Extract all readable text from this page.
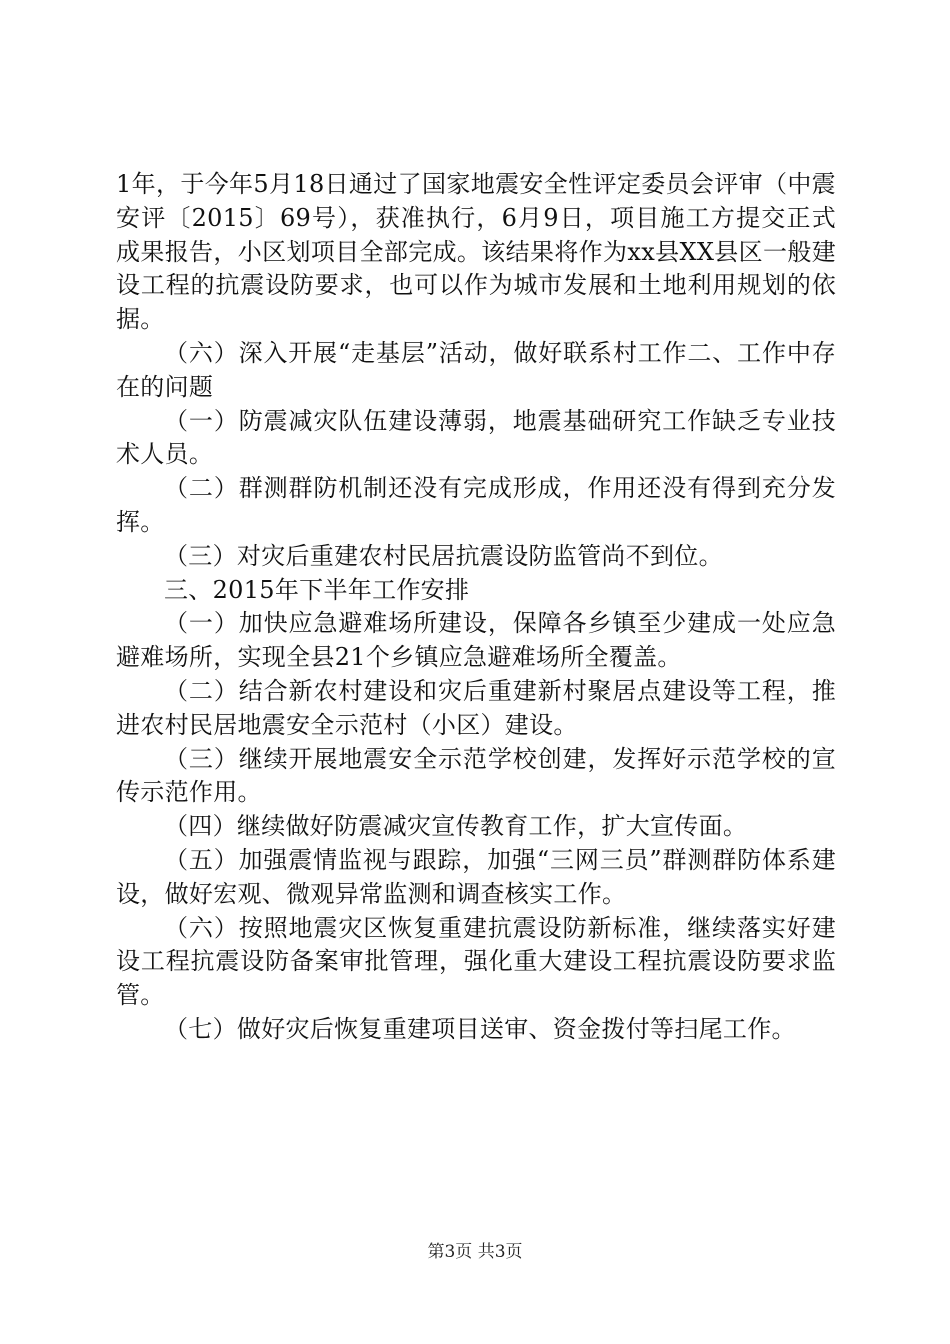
1年，于今年5月18日通过了国家地震安全性评定委员会评审（中震安评〔2015〕69号），获准执行，6月9日，项目施工方提交正式成果报告，小区划项目全部完成。该结果将作为xx县XX县区一般建设工程的抗震设防要求，也可以作为城市发展和土地利用规划的依据。

（六）深入开展“走基层”活动，做好联系村工作二、工作中存在的问题

（一）防震减灾队伍建设薄弱，地震基础研究工作缺乏专业技术人员。

（二）群测群防机制还没有完成形成，作用还没有得到充分发挥。

（三）对灾后重建农村民居抗震设防监管尚不到位。

三、2015年下半年工作安排

（一）加快应急避难场所建设，保障各乡镇至少建成一处应急避难场所，实现全县21个乡镇应急避难场所全覆盖。

（二）结合新农村建设和灾后重建新村聚居点建设等工程，推进农村民居地震安全示范村（小区）建设。

（三）继续开展地震安全示范学校创建，发挥好示范学校的宣传示范作用。

（四）继续做好防震减灾宣传教育工作，扩大宣传面。

（五）加强震情监视与跟踪，加强“三网三员”群测群防体系建设，做好宏观、微观异常监测和调查核实工作。

（六）按照地震灾区恢复重建抗震设防新标准，继续落实好建设工程抗震设防备案审批管理，强化重大建设工程抗震设防要求监管。

（七）做好灾后恢复重建项目送审、资金拨付等扫尾工作。

第3页 共3页
